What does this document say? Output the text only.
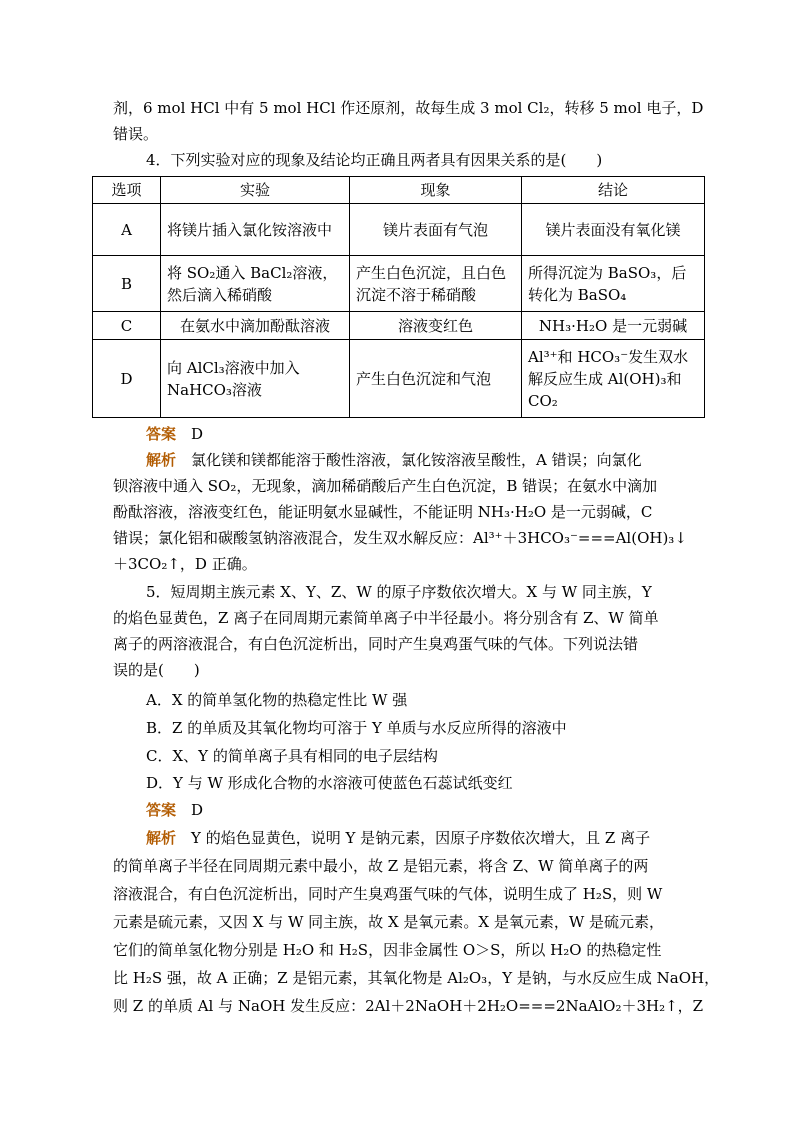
剂，6 mol HCl 中有 5 mol HCl 作还原剂，故每生成 3 mol Cl₂，转移 5 mol 电子，D
错误。
4．下列实验对应的现象及结论均正确且两者具有因果关系的是(　　)
选项	实验	现象	结论
A	将镁片插入氯化铵溶液中	镁片表面有气泡	镁片表面没有氧化镁
B	将 SO₂通入 BaCl₂溶液，然后滴入稀硝酸	产生白色沉淀，且白色沉淀不溶于稀硝酸	所得沉淀为 BaSO₃，后转化为 BaSO₄
C	在氨水中滴加酚酞溶液	溶液变红色	NH₃·H₂O 是一元弱碱
D	向 AlCl₃溶液中加入NaHCO₃溶液	产生白色沉淀和气泡	Al³⁺和 HCO₃⁻发生双水解反应生成 Al(OH)₃和CO₂
答案　 D
解析　 氯化镁和镁都能溶于酸性溶液，氯化铵溶液呈酸性，A 错误；向氯化
钡溶液中通入 SO₂，无现象，滴加稀硝酸后产生白色沉淀，B 错误；在氨水中滴加
酚酞溶液，溶液变红色，能证明氨水显碱性，不能证明 NH₃·H₂O 是一元弱碱，C
错误；氯化铝和碳酸氢钠溶液混合，发生双水解反应：Al³⁺＋3HCO₃⁻===Al(OH)₃↓
＋3CO₂↑，D 正确。
5．短周期主族元素 X、Y、Z、W 的原子序数依次增大。X 与 W 同主族，Y
的焰色显黄色，Z 离子在同周期元素简单离子中半径最小。将分别含有 Z、W 简单
离子的两溶液混合，有白色沉淀析出，同时产生臭鸡蛋气味的气体。下列说法错
误的是(　　)
A．X 的简单氢化物的热稳定性比 W 强
B．Z 的单质及其氧化物均可溶于 Y 单质与水反应所得的溶液中
C．X、Y 的简单离子具有相同的电子层结构
D．Y 与 W 形成化合物的水溶液可使蓝色石蕊试纸变红
答案　 D
解析　 Y 的焰色显黄色，说明 Y 是钠元素，因原子序数依次增大，且 Z 离子
的简单离子半径在同周期元素中最小，故 Z 是铝元素，将含 Z、W 简单离子的两
溶液混合，有白色沉淀析出，同时产生臭鸡蛋气味的气体，说明生成了 H₂S，则 W
元素是硫元素，又因 X 与 W 同主族，故 X 是氧元素。X 是氧元素，W 是硫元素，
它们的简单氢化物分别是 H₂O 和 H₂S，因非金属性 O＞S，所以 H₂O 的热稳定性
比 H₂S 强，故 A 正确；Z 是铝元素，其氧化物是 Al₂O₃，Y 是钠，与水反应生成 NaOH，
则 Z 的单质 Al 与 NaOH 发生反应：2Al＋2NaOH＋2H₂O===2NaAlO₂＋3H₂↑，Z
